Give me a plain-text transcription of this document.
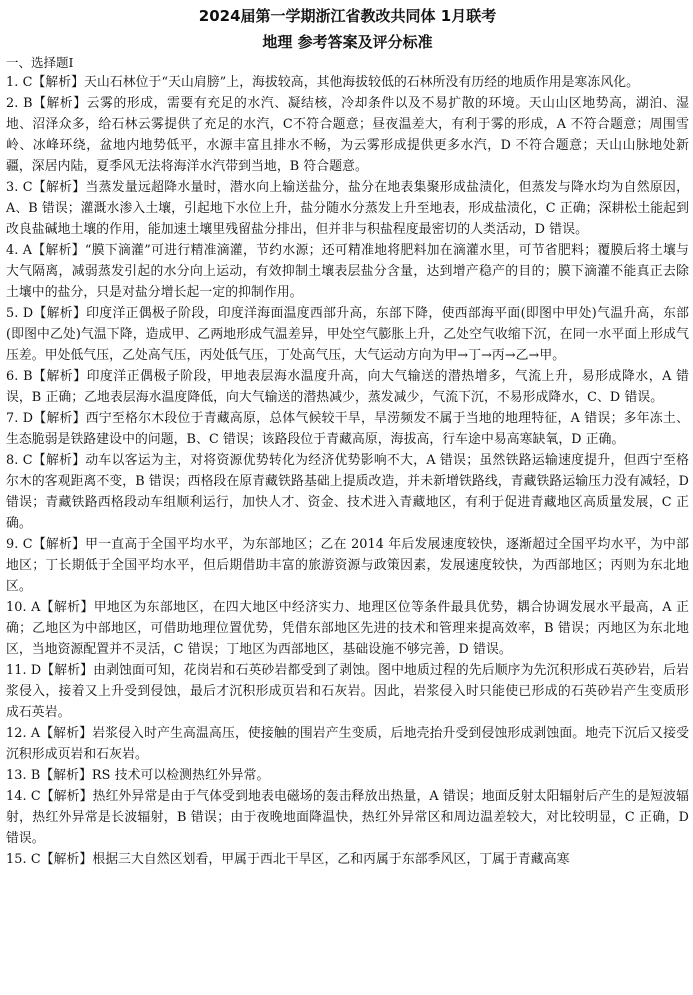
2024届第一学期浙江省教改共同体 1月联考
地理 参考答案及评分标准
一、选择题Ⅰ

1. C【解析】天山石林位于“天山肩膀”上，海拔较高，其他海拔较低的石林所没有历经的地质作用是寒冻风化。

2. B【解析】云雾的形成，需要有充足的水汽、凝结核，冷却条件以及不易扩散的环境。天山山区地势高，湖泊、湿地、沼泽众多，给石林云雾提供了充足的水汽，C不符合题意；昼夜温差大，有利于雾的形成，A 不符合题意；周围雪岭、冰峰环绕，盆地内地势低平，水源丰富且排水不畅，为云雾形成提供更多水汽，D 不符合题意；天山山脉地处新疆，深居内陆，夏季风无法将海洋水汽带到当地，B 符合题意。

3. C【解析】当蒸发量远超降水量时，潜水向上输送盐分，盐分在地表集聚形成盐渍化，但蒸发与降水均为自然原因，A、B 错误；灌溉水渗入土壤，引起地下水位上升，盐分随水分蒸发上升至地表，形成盐渍化，C 正确；深耕松土能起到改良盐碱地土壤的作用，能加速土壤里残留盐分排出，但并非与积盐程度最密切的人类活动，D 错误。

4. A【解析】“膜下滴灌”可进行精准滴灌，节约水源；还可精准地将肥料加在滴灌水里，可节省肥料；覆膜后将土壤与大气隔离，减弱蒸发引起的水分向上运动，有效抑制土壤表层盐分含量，达到增产稳产的目的；膜下滴灌不能真正去除土壤中的盐分，只是对盐分增长起一定的抑制作用。

5. D【解析】印度洋正偶极子阶段，印度洋海面温度西部升高，东部下降，使西部海平面(即图中甲处)气温升高，东部(即图中乙处)气温下降，造成甲、乙两地形成气温差异，甲处空气膨胀上升，乙处空气收缩下沉，在同一水平面上形成气压差。甲处低气压，乙处高气压，丙处低气压，丁处高气压，大气运动方向为甲→丁→丙→乙→甲。

6. B【解析】印度洋正偶极子阶段，甲地表层海水温度升高，向大气输送的潜热增多，气流上升，易形成降水，A 错误，B 正确；乙地表层海水温度降低，向大气输送的潜热减少，蒸发减少，气流下沉，不易形成降水，C、D 错误。

7. D【解析】西宁至格尔木段位于青藏高原，总体气候较干旱，旱涝频发不属于当地的地理特征，A 错误；多年冻土、生态脆弱是铁路建设中的问题，B、C 错误；该路段位于青藏高原，海拔高，行车途中易高寒缺氧，D 正确。

8. C【解析】动车以客运为主，对将资源优势转化为经济优势影响不大，A 错误；虽然铁路运输速度提升，但西宁至格尔木的客观距离不变，B 错误；西格段在原青藏铁路基础上提质改造，并未新增铁路线，青藏铁路运输压力没有减轻，D 错误；青藏铁路西格段动车组顺利运行，加快人才、资金、技术进入青藏地区，有利于促进青藏地区高质量发展，C 正确。

9. C【解析】甲一直高于全国平均水平，为东部地区；乙在 2014 年后发展速度较快，逐渐超过全国平均水平，为中部地区；丁长期低于全国平均水平，但后期借助丰富的旅游资源与政策因素，发展速度较快，为西部地区；丙则为东北地区。

10. A【解析】甲地区为东部地区，在四大地区中经济实力、地理区位等条件最具优势，耦合协调发展水平最高，A 正确；乙地区为中部地区，可借助地理位置优势，凭借东部地区先进的技术和管理来提高效率，B 错误；丙地区为东北地区，当地资源配置并不灵活，C 错误；丁地区为西部地区，基础设施不够完善，D 错误。

11. D【解析】由剥蚀面可知，花岗岩和石英砂岩都受到了剥蚀。图中地质过程的先后顺序为先沉积形成石英砂岩，后岩浆侵入，接着又上升受到侵蚀，最后才沉积形成页岩和石灰岩。因此，岩浆侵入时只能使已形成的石英砂岩产生变质形成石英岩。

12. A【解析】岩浆侵入时产生高温高压，使接触的围岩产生变质，后地壳抬升受到侵蚀形成剥蚀面。地壳下沉后又接受沉积形成页岩和石灰岩。

13. B【解析】RS 技术可以检测热红外异常。

14. C【解析】热红外异常是由于气体受到地表电磁场的轰击释放出热量，A 错误；地面反射太阳辐射后产生的是短波辐射，热红外异常是长波辐射，B 错误；由于夜晚地面降温快，热红外异常区和周边温差较大，对比较明显，C 正确，D 错误。

15. C【解析】根据三大自然区划看，甲属于西北干旱区，乙和丙属于东部季风区，丁属于青藏高寒
